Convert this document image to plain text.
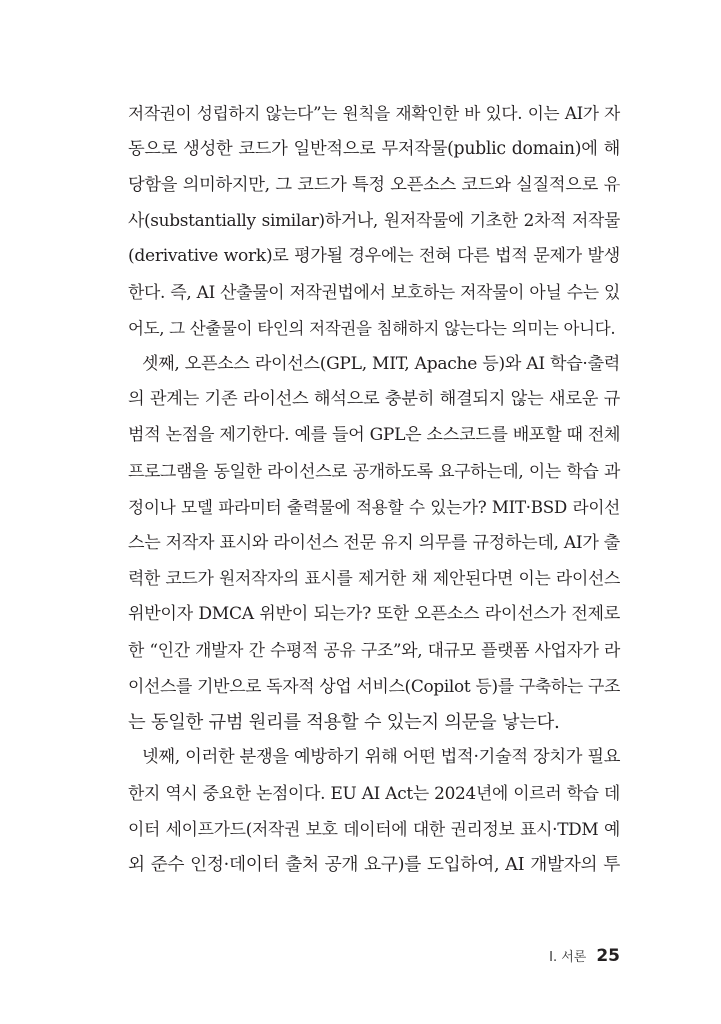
저작권이 성립하지 않는다”는 원칙을 재확인한 바 있다. 이는 AI가 자
동으로 생성한 코드가 일반적으로 무저작물(public domain)에 해
당함을 의미하지만, 그 코드가 특정 오픈소스 코드와 실질적으로 유
사(substantially similar)하거나, 원저작물에 기초한 2차적 저작물
(derivative work)로 평가될 경우에는 전혀 다른 법적 문제가 발생
한다. 즉, AI 산출물이 저작권법에서 보호하는 저작물이 아닐 수는 있
어도, 그 산출물이 타인의 저작권을 침해하지 않는다는 의미는 아니다.
셋째, 오픈소스 라이선스(GPL, MIT, Apache 등)와 AI 학습·출력
의 관계는 기존 라이선스 해석으로 충분히 해결되지 않는 새로운 규
범적 논점을 제기한다. 예를 들어 GPL은 소스코드를 배포할 때 전체
프로그램을 동일한 라이선스로 공개하도록 요구하는데, 이는 학습 과
정이나 모델 파라미터 출력물에 적용할 수 있는가? MIT·BSD 라이선
스는 저작자 표시와 라이선스 전문 유지 의무를 규정하는데, AI가 출
력한 코드가 원저작자의 표시를 제거한 채 제안된다면 이는 라이선스
위반이자 DMCA 위반이 되는가? 또한 오픈소스 라이선스가 전제로
한 “인간 개발자 간 수평적 공유 구조”와, 대규모 플랫폼 사업자가 라
이선스를 기반으로 독자적 상업 서비스(Copilot 등)를 구축하는 구조
는 동일한 규범 원리를 적용할 수 있는지 의문을 낳는다.
넷째, 이러한 분쟁을 예방하기 위해 어떤 법적·기술적 장치가 필요
한지 역시 중요한 논점이다. EU AI Act는 2024년에 이르러 학습 데
이터 세이프가드(저작권 보호 데이터에 대한 권리정보 표시·TDM 예
외 준수 인정·데이터 출처 공개 요구)를 도입하여, AI 개발자의 투
Ⅰ. 서론 25
